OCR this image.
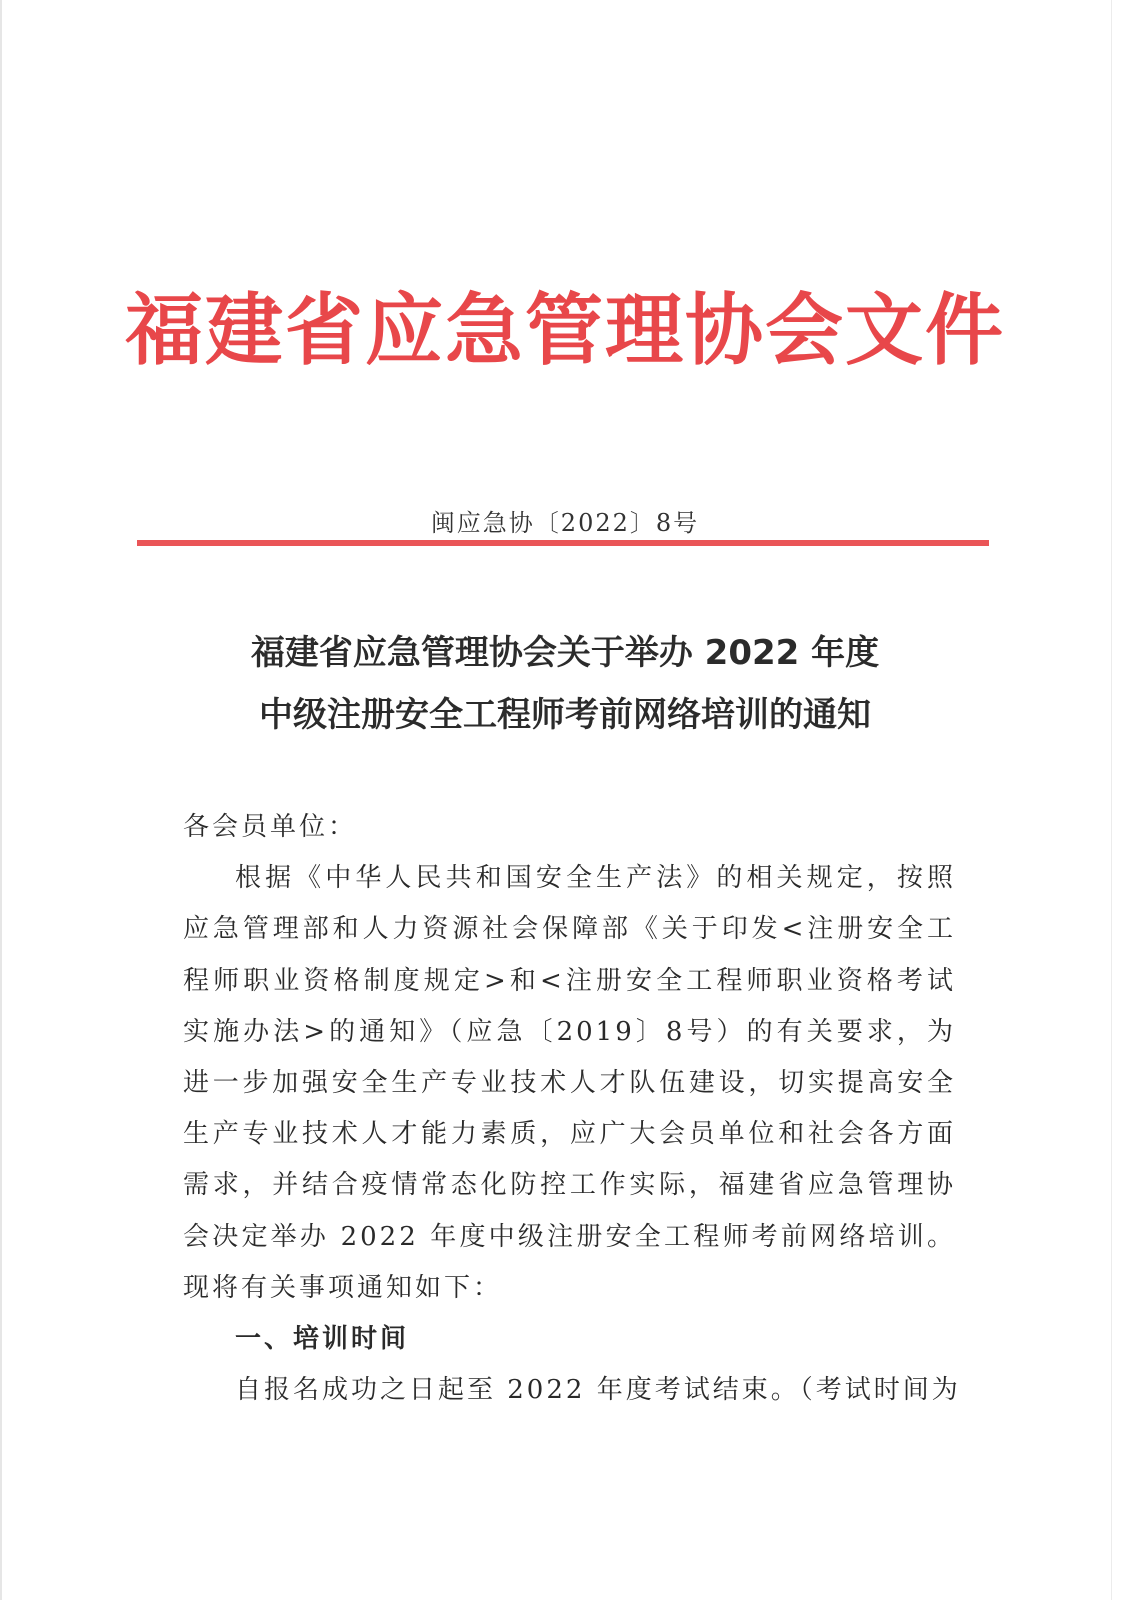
福建省应急管理协会文件
闽应急协〔2022〕8号
福建省应急管理协会关于举办 2022 年度
中级注册安全工程师考前网络培训的通知

各会员单位：

根据《中华人民共和国安全生产法》的相关规定，按照应急管理部和人力资源社会保障部《关于印发<注册安全工程师职业资格制度规定>和<注册安全工程师职业资格考试实施办法>的通知》（应急〔2019〕8号）的有关要求，为进一步加强安全生产专业技术人才队伍建设，切实提高安全生产专业技术人才能力素质，应广大会员单位和社会各方面需求，并结合疫情常态化防控工作实际，福建省应急管理协会决定举办 2022 年度中级注册安全工程师考前网络培训。现将有关事项通知如下：

一、培训时间

自报名成功之日起至 2022 年度考试结束。（考试时间为
